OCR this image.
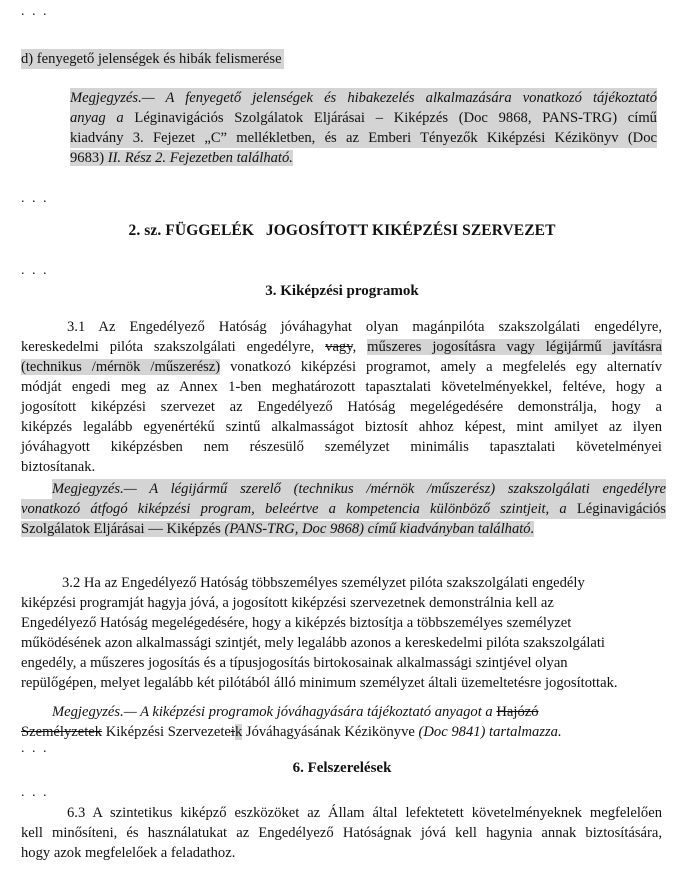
. . .
d) fenyegető jelenségek és hibák felismerése
Megjegyzés.— A fenyegető jelenségek és hibakezelés alkalmazására vonatkozó tájékoztató
anyag a Léginavigációs Szolgálatok Eljárásai – Kiképzés (Doc 9868, PANS-TRG) című
kiadvány 3. Fejezet „C” mellékletben, és az Emberi Tényezők Kiképzési Kézikönyv (Doc
9683) II. Rész 2. Fejezetben található.
. . .
2. sz. FÜGGELÉK   JOGOSÍTOTT KIKÉPZÉSI SZERVEZET
. . .
3. Kiképzési programok
3.1 Az Engedélyező Hatóság jóváhagyhat olyan magánpilóta szakszolgálati engedélyre,
kereskedelmi pilóta szakszolgálati engedélyre, vagy, műszeres jogosításra vagy légijármű javításra
(technikus /mérnök /műszerész) vonatkozó kiképzési programot, amely a megfelelés egy alternatív
módját engedi meg az Annex 1-ben meghatározott tapasztalati követelményekkel, feltéve, hogy a
jogosított kiképzési szervezet az Engedélyező Hatóság megelégedésére demonstrálja, hogy a
kiképzés legalább egyenértékű szintű alkalmasságot biztosít ahhoz képest, mint amilyet az ilyen
jóváhagyott kiképzésben nem részesülő személyzet minimális tapasztalati követelményei
biztosítanak.
Megjegyzés.— A légijármű szerelő (technikus /mérnök /műszerész) szakszolgálati engedélyre
vonatkozó átfogó kiképzési program, beleértve a kompetencia különböző szintjeit, a Léginavigációs
Szolgálatok Eljárásai — Kiképzés (PANS-TRG, Doc 9868) című kiadványban található.
3.2 Ha az Engedélyező Hatóság többszemélyes személyzet pilóta szakszolgálati engedély
kiképzési programját hagyja jóvá, a jogosított kiképzési szervezetnek demonstrálnia kell az
Engedélyező Hatóság megelégedésére, hogy a kiképzés biztosítja a többszemélyes személyzet
működésének azon alkalmassági szintjét, mely legalább azonos a kereskedelmi pilóta szakszolgálati
engedély, a műszeres jogosítás és a típusjogosítás birtokosainak alkalmassági szintjével olyan
repülőgépen, melyet legalább két pilótából álló minimum személyzet általi üzemeltetésre jogosítottak.
Megjegyzés.— A kiképzési programok jóváhagyására tájékoztató anyagot a Hajózó
Személyzetek Kiképzési Szervezeteik Jóváhagyásának Kézikönyve (Doc 9841) tartalmazza.
. . .
6. Felszerelések
. . .
6.3 A szintetikus kiképző eszközöket az Állam által lefektetett követelményeknek megfelelően
kell minősíteni, és használatukat az Engedélyező Hatóságnak jóvá kell hagynia annak biztosítására,
hogy azok megfelelőek a feladathoz.
